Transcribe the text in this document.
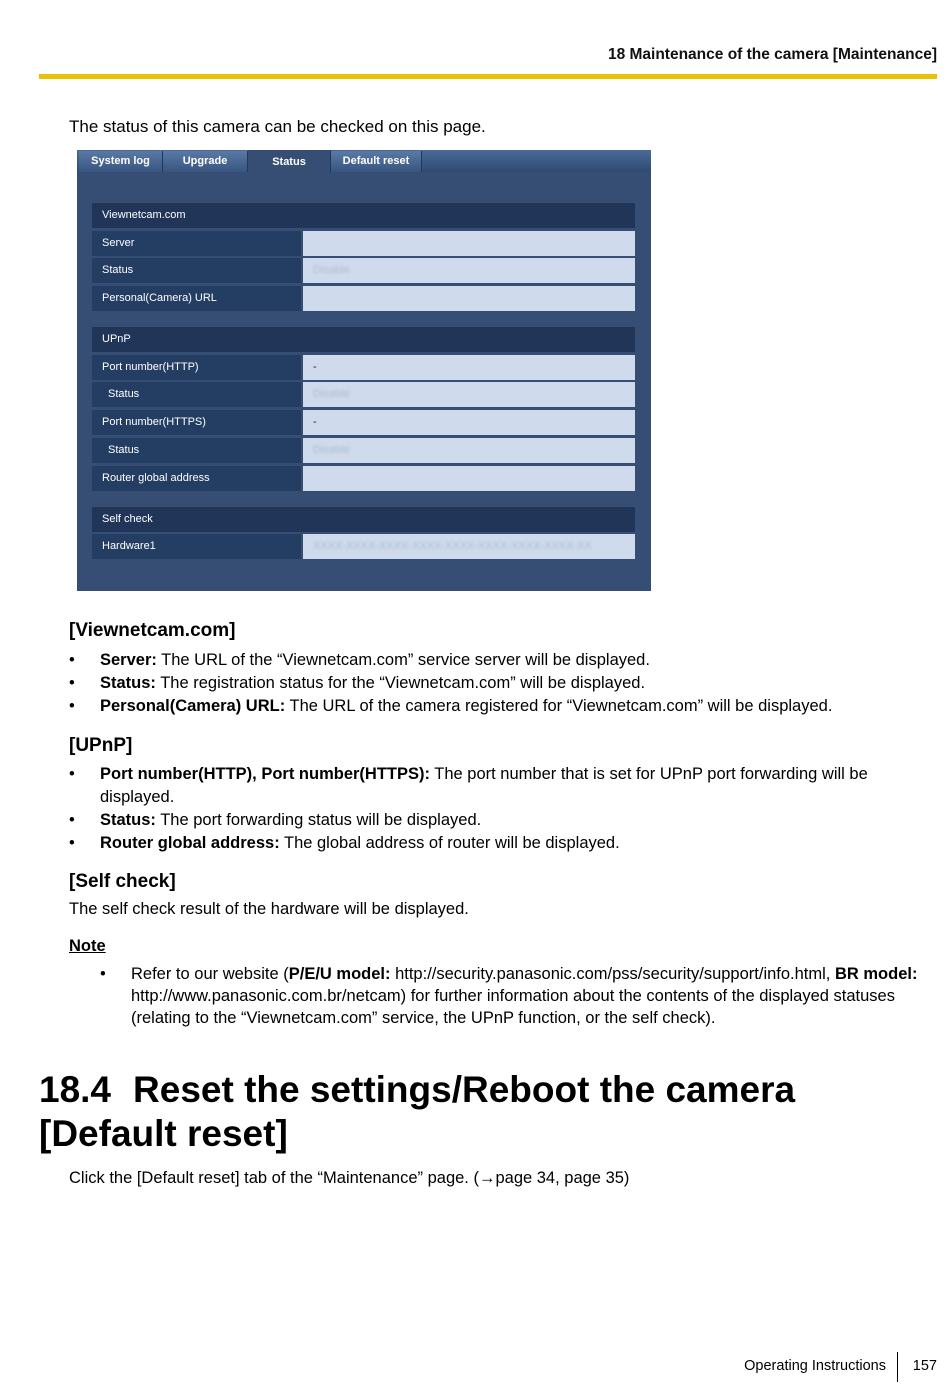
18 Maintenance of the camera [Maintenance]
The status of this camera can be checked on this page.
System log	Upgrade	Status	Default reset
Viewnetcam.com
Server
Status	Disable
Personal(Camera) URL
UPnP
Port number(HTTP)	-
Status	Disable
Port number(HTTPS)	-
Status	Disable
Router global address
Self check
Hardware1	XXXX-XXXX-XXXX-XXXX-XXXX-XXXX-XXXX-XXXX-XX
[Viewnetcam.com]
• Server: The URL of the “Viewnetcam.com” service server will be displayed.
• Status: The registration status for the “Viewnetcam.com” will be displayed.
• Personal(Camera) URL: The URL of the camera registered for “Viewnetcam.com” will be displayed.
[UPnP]
• Port number(HTTP), Port number(HTTPS): The port number that is set for UPnP port forwarding will be displayed.
• Status: The port forwarding status will be displayed.
• Router global address: The global address of router will be displayed.
[Self check]
The self check result of the hardware will be displayed.
Note
• Refer to our website (P/E/U model: http://security.panasonic.com/pss/security/support/info.html, BR model: http://www.panasonic.com.br/netcam) for further information about the contents of the displayed statuses (relating to the “Viewnetcam.com” service, the UPnP function, or the self check).
18.4 Reset the settings/Reboot the camera [Default reset]
Click the [Default reset] tab of the “Maintenance” page. (→page 34, page 35)
Operating Instructions 157
